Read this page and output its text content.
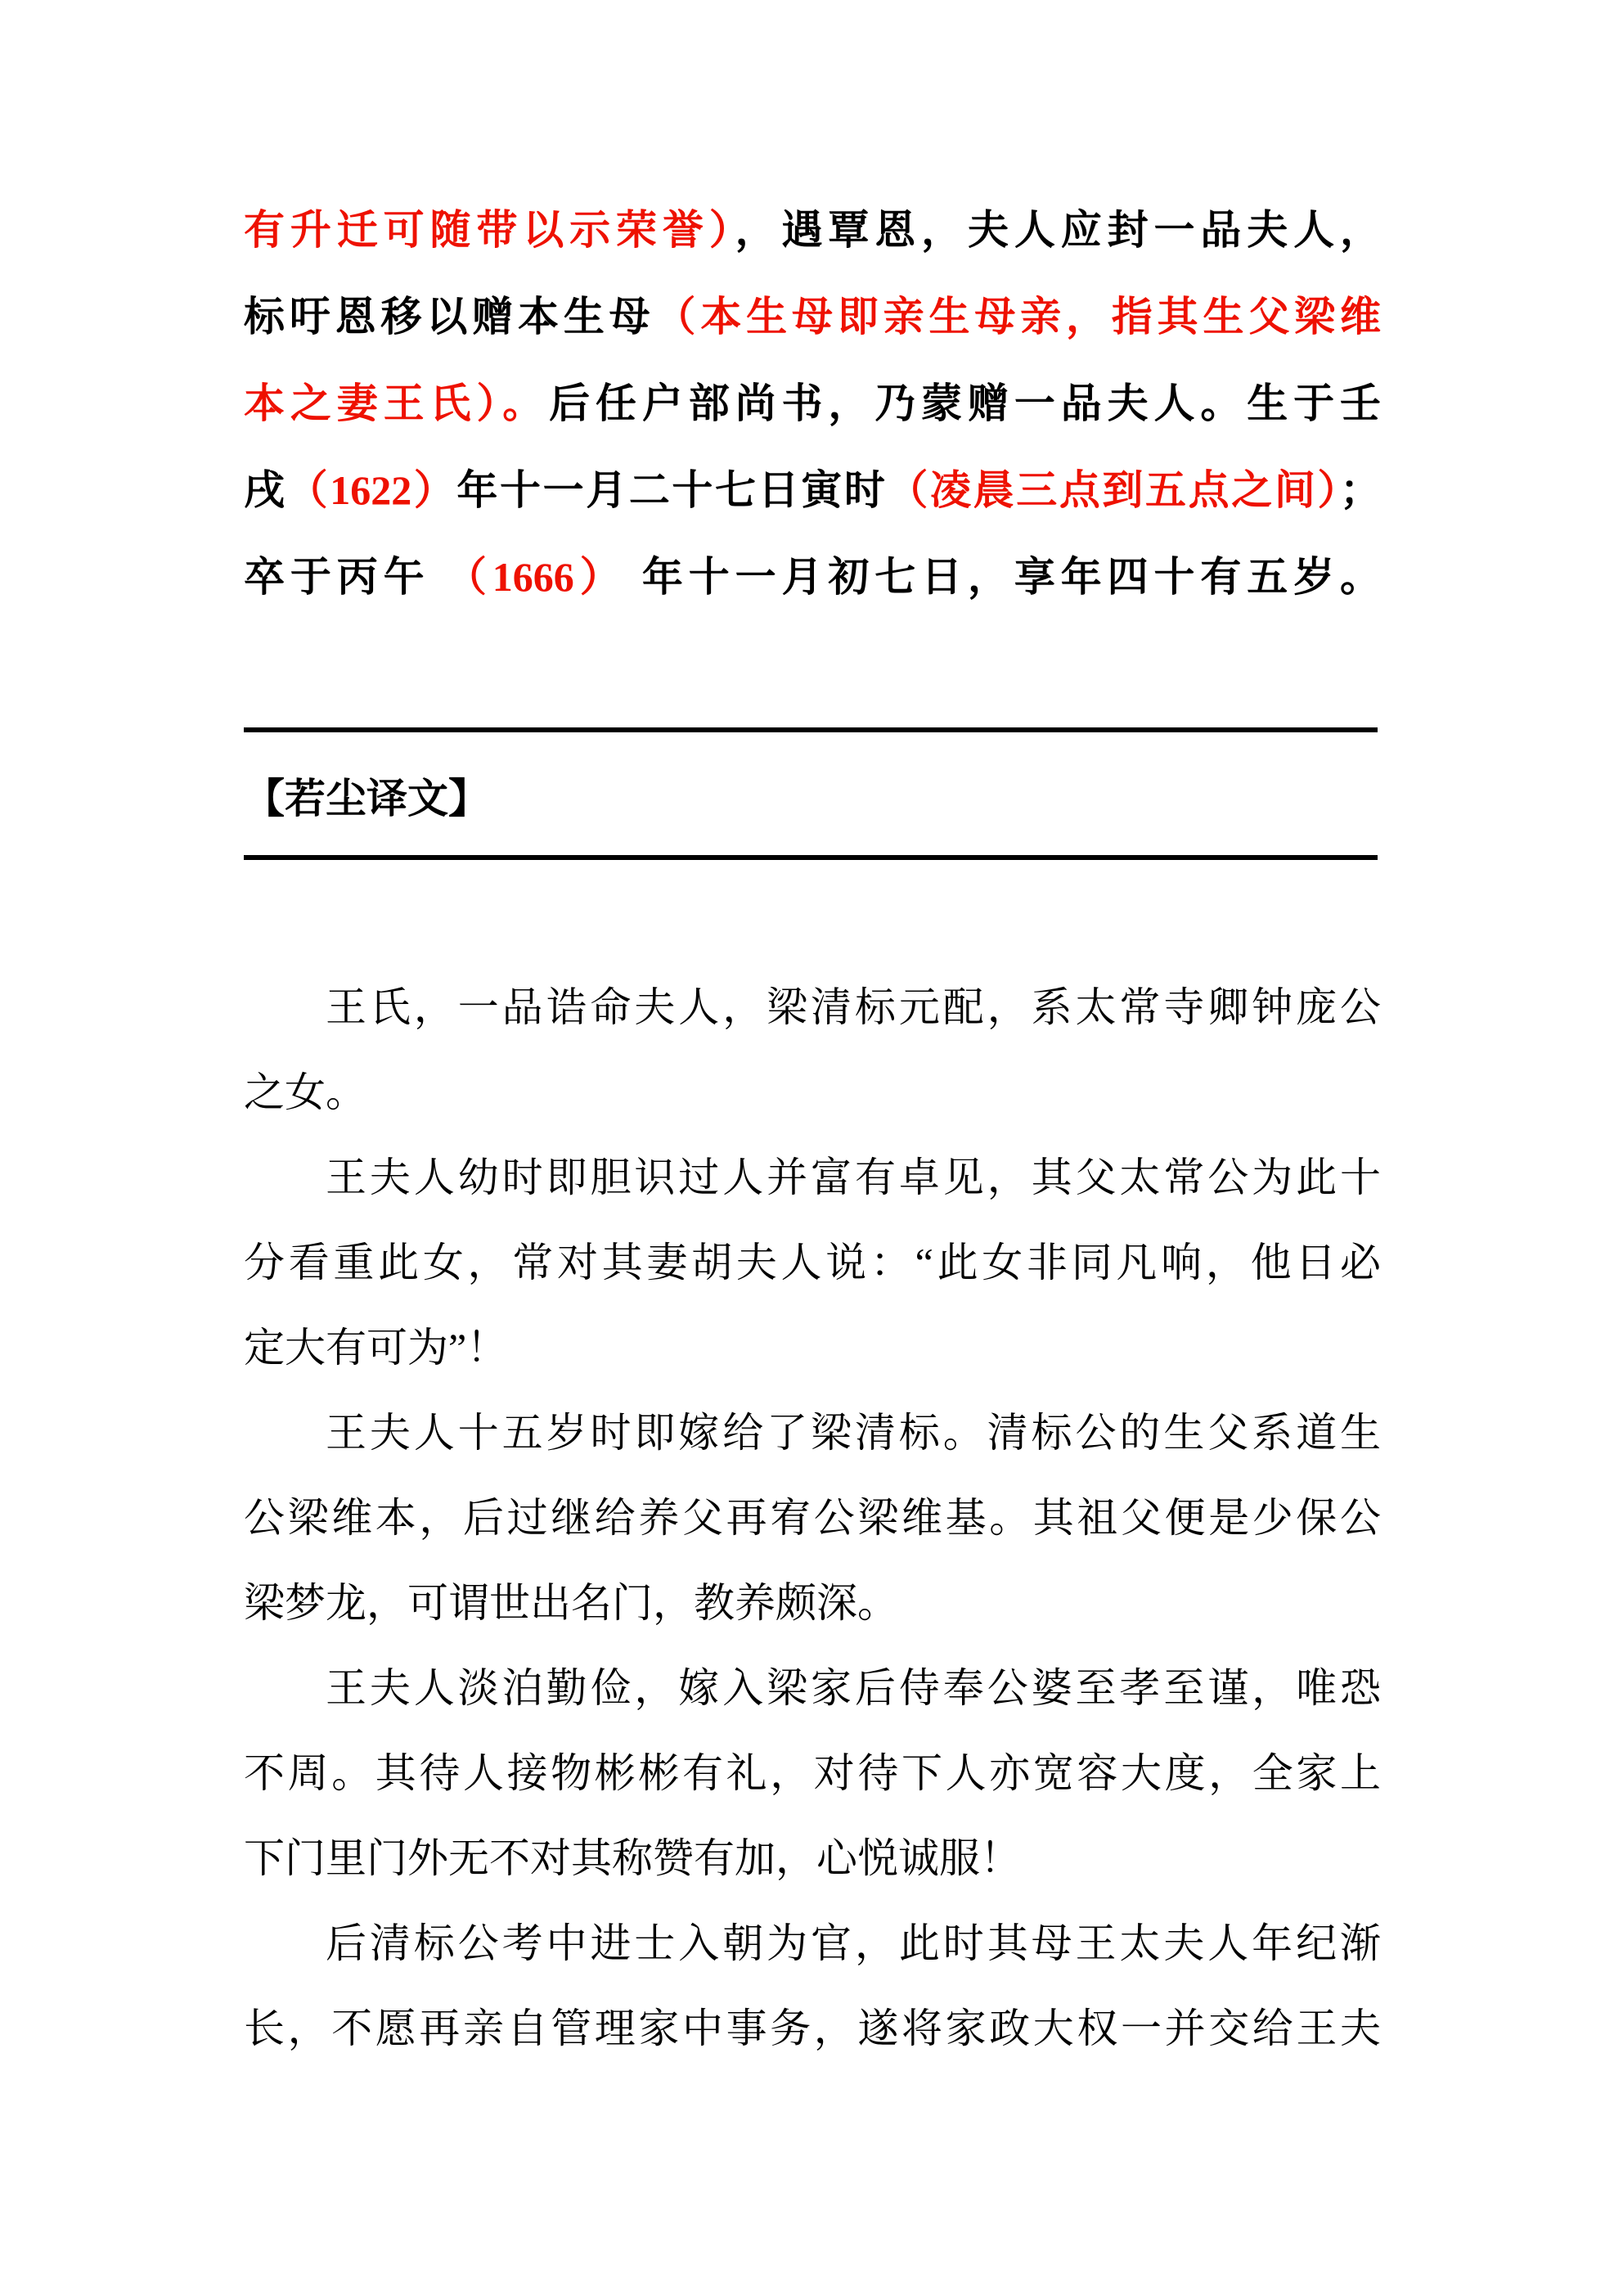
有升迁可随带以示荣誉），遇覃恩，夫人应封一品夫人，
标吁恩移以赠本生母（本生母即亲生母亲，指其生父梁维
本之妻王氏）。后任户部尚书，乃蒙赠一品夫人。生于壬
戌（1622）年十一月二十七日寅时（凌晨三点到五点之间）；
卒于丙午 （1666） 年十一月初七日，享年四十有五岁。
【若尘译文】
王氏，一品诰命夫人，梁清标元配，系太常寺卿钟庞公
之女。
王夫人幼时即胆识过人并富有卓见，其父太常公为此十
分看重此女，常对其妻胡夫人说：“此女非同凡响，他日必
定大有可为”！
王夫人十五岁时即嫁给了梁清标。清标公的生父系道生
公梁维本，后过继给养父再宥公梁维基。其祖父便是少保公
梁梦龙，可谓世出名门，教养颇深。
王夫人淡泊勤俭，嫁入梁家后侍奉公婆至孝至谨，唯恐
不周。其待人接物彬彬有礼，对待下人亦宽容大度，全家上
下门里门外无不对其称赞有加，心悦诚服！
后清标公考中进士入朝为官，此时其母王太夫人年纪渐
长，不愿再亲自管理家中事务，遂将家政大权一并交给王夫
